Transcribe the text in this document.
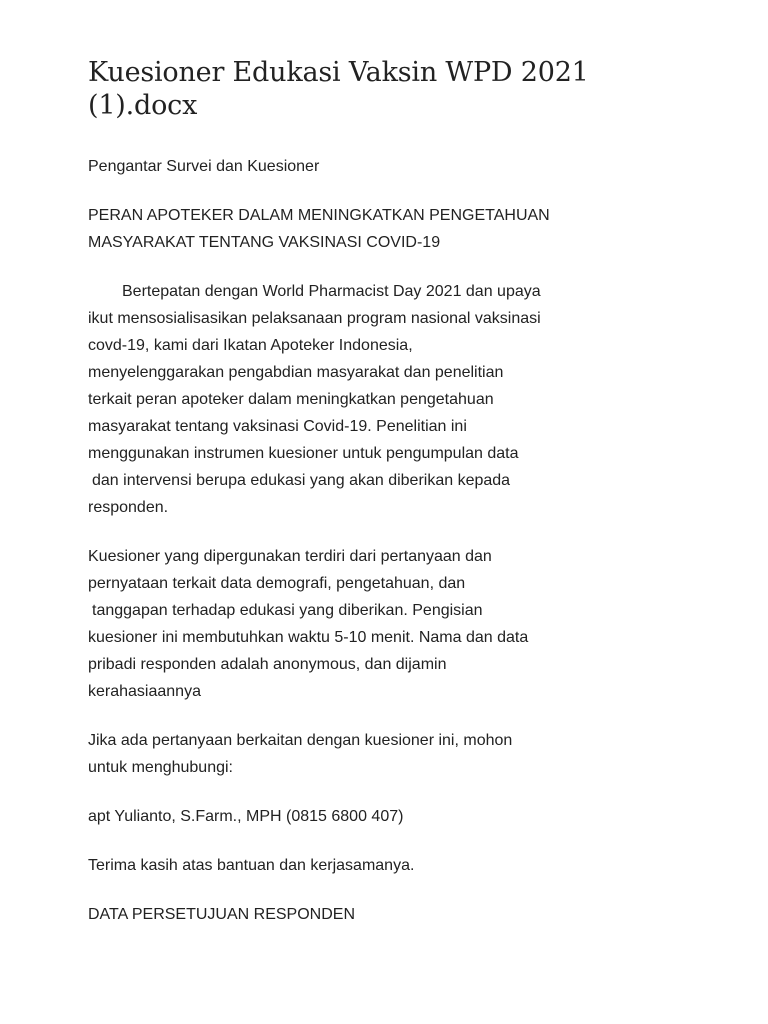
Kuesioner Edukasi Vaksin WPD 2021
(1).docx

Pengantar Survei dan Kuesioner

PERAN APOTEKER DALAM MENINGKATKAN PENGETAHUAN
MASYARAKAT TENTANG VAKSINASI COVID-19

Bertepatan dengan World Pharmacist Day 2021 dan upaya
ikut mensosialisasikan pelaksanaan program nasional vaksinasi
covd-19, kami dari Ikatan Apoteker Indonesia,
menyelenggarakan pengabdian masyarakat dan penelitian
terkait peran apoteker dalam meningkatkan pengetahuan
masyarakat tentang vaksinasi Covid-19. Penelitian ini
menggunakan instrumen kuesioner untuk pengumpulan data
dan intervensi berupa edukasi yang akan diberikan kepada
responden.

Kuesioner yang dipergunakan terdiri dari pertanyaan dan
pernyataan terkait data demografi, pengetahuan, dan
tanggapan terhadap edukasi yang diberikan. Pengisian
kuesioner ini membutuhkan waktu 5-10 menit. Nama dan data
pribadi responden adalah anonymous, dan dijamin
kerahasiaannya

Jika ada pertanyaan berkaitan dengan kuesioner ini, mohon
untuk menghubungi:

apt Yulianto, S.Farm., MPH (0815 6800 407)

Terima kasih atas bantuan dan kerjasamanya.

DATA PERSETUJUAN RESPONDEN
